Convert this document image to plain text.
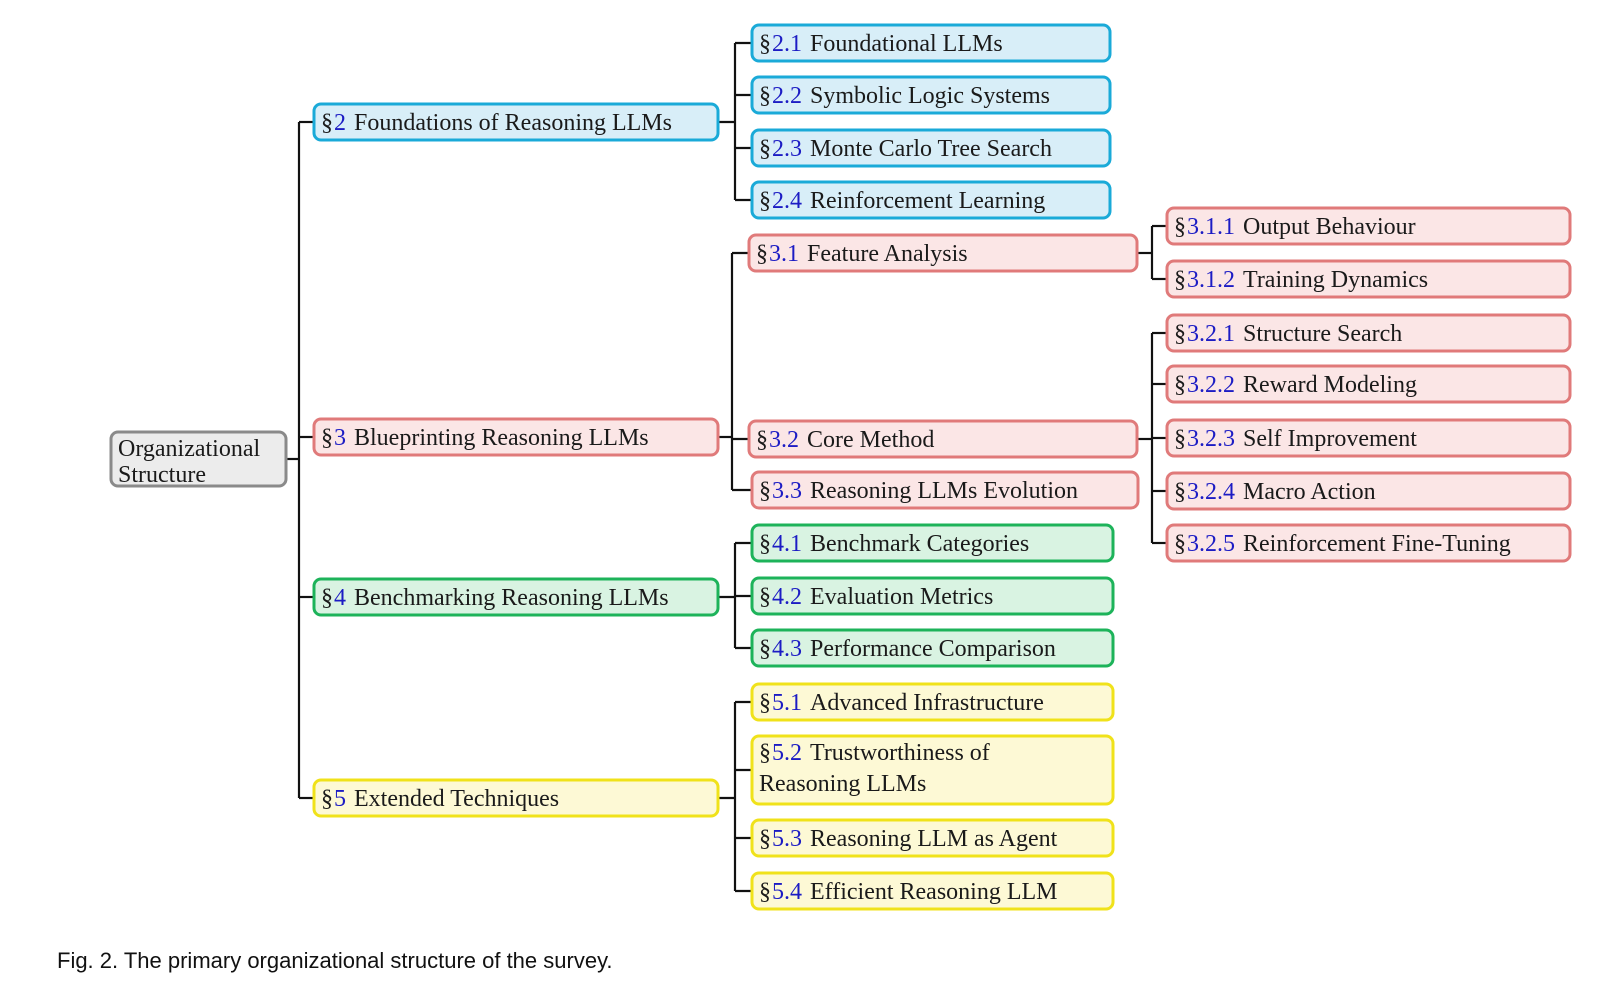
Organizational
Structure
§ 2 Foundations of Reasoning LLMs
§ 2.1 Foundational LLMs
§ 2.2 Symbolic Logic Systems
§ 2.3 Monte Carlo Tree Search
§ 2.4 Reinforcement Learning
§ 3 Blueprinting Reasoning LLMs
§ 3.1 Feature Analysis
§ 3.2 Core Method
§ 3.3 Reasoning LLMs Evolution
§ 3.1.1 Output Behaviour
§ 3.1.2 Training Dynamics
§ 3.2.1 Structure Search
§ 3.2.2 Reward Modeling
§ 3.2.3 Self Improvement
§ 3.2.4 Macro Action
§ 3.2.5 Reinforcement Fine-Tuning
§ 4 Benchmarking Reasoning LLMs
§ 4.1 Benchmark Categories
§ 4.2 Evaluation Metrics
§ 4.3 Performance Comparison
§ 5 Extended Techniques
§ 5.1 Advanced Infrastructure
§ 5.2 Trustworthiness of
Reasoning LLMs
§ 5.3 Reasoning LLM as Agent
§ 5.4 Efficient Reasoning LLM
Fig. 2. The primary organizational structure of the survey.
